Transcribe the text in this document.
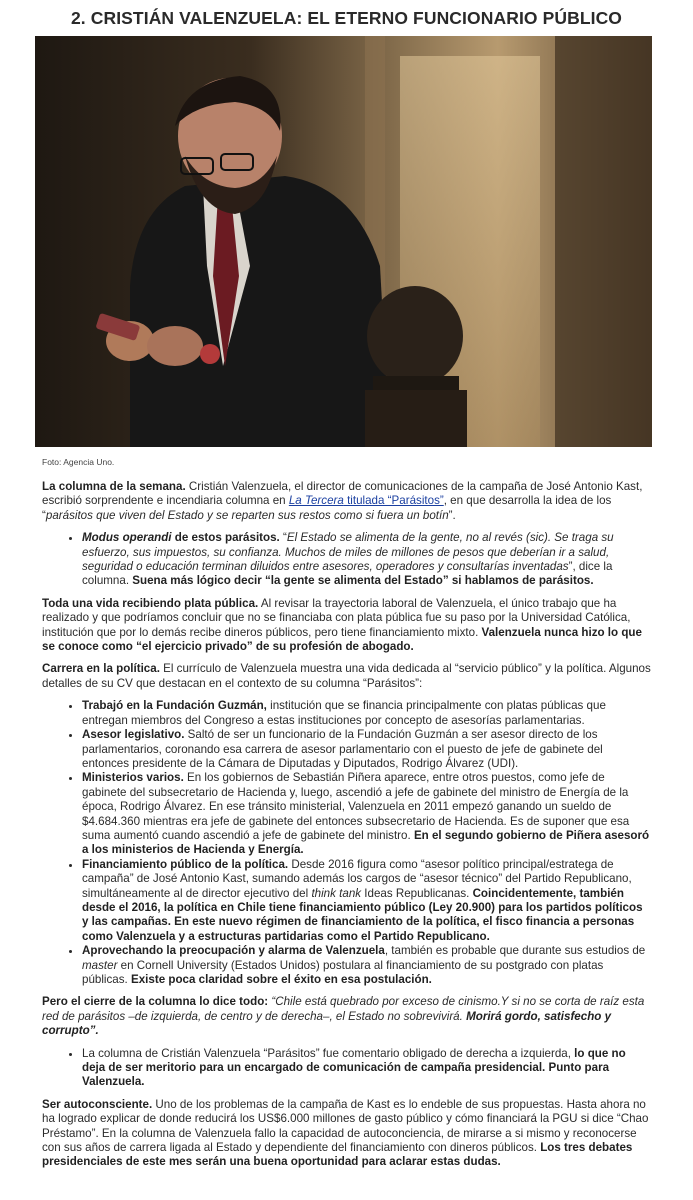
2. CRISTIÁN VALENZUELA: EL ETERNO FUNCIONARIO PÚBLICO
Foto: Agencia Uno.

La columna de la semana. Cristián Valenzuela, el director de comunicaciones de la campaña de José Antonio Kast, escribió sorprendente e incendiaria columna en La Tercera titulada “Parásitos”, en que desarrolla la idea de los “parásitos que viven del Estado y se reparten sus restos como si fuera un botín”.

• Modus operandi de estos parásitos. “El Estado se alimenta de la gente, no al revés (sic). Se traga su esfuerzo, sus impuestos, su confianza. Muchos de miles de millones de pesos que deberían ir a salud, seguridad o educación terminan diluidos entre asesores, operadores y consultarías inventadas”, dice la columna. Suena más lógico decir “la gente se alimenta del Estado” si hablamos de parásitos.

Toda una vida recibiendo plata pública. Al revisar la trayectoria laboral de Valenzuela, el único trabajo que ha realizado y que podríamos concluir que no se financiaba con plata pública fue su paso por la Universidad Católica, institución que por lo demás recibe dineros públicos, pero tiene financiamiento mixto. Valenzuela nunca hizo lo que se conoce como “el ejercicio privado” de su profesión de abogado.

Carrera en la política. El currículo de Valenzuela muestra una vida dedicada al “servicio público” y la política. Algunos detalles de su CV que destacan en el contexto de su columna “Parásitos”:

• Trabajó en la Fundación Guzmán, institución que se financia principalmente con platas públicas que entregan miembros del Congreso a estas instituciones por concepto de asesorías parlamentarias.
• Asesor legislativo. Saltó de ser un funcionario de la Fundación Guzmán a ser asesor directo de los parlamentarios, coronando esa carrera de asesor parlamentario con el puesto de jefe de gabinete del entonces presidente de la Cámara de Diputadas y Diputados, Rodrigo Álvarez (UDI).
• Ministerios varios. En los gobiernos de Sebastián Piñera aparece, entre otros puestos, como jefe de gabinete del subsecretario de Hacienda y, luego, ascendió a jefe de gabinete del ministro de Energía de la época, Rodrigo Álvarez. En ese tránsito ministerial, Valenzuela en 2011 empezó ganando un sueldo de $4.684.360 mientras era jefe de gabinete del entonces subsecretario de Hacienda. Es de suponer que esa suma aumentó cuando ascendió a jefe de gabinete del ministro. En el segundo gobierno de Piñera asesoró a los ministerios de Hacienda y Energía.
• Financiamiento público de la política. Desde 2016 figura como “asesor político principal/estratega de campaña” de José Antonio Kast, sumando además los cargos de “asesor técnico” del Partido Republicano, simultáneamente al de director ejecutivo del think tank Ideas Republicanas. Coincidentemente, también desde el 2016, la política en Chile tiene financiamiento público (Ley 20.900) para los partidos políticos y las campañas. En este nuevo régimen de financiamiento de la política, el fisco financia a personas como Valenzuela y a estructuras partidarias como el Partido Republicano.
• Aprovechando la preocupación y alarma de Valenzuela, también es probable que durante sus estudios de master en Cornell University (Estados Unidos) postulara al financiamiento de su postgrado con platas públicas. Existe poca claridad sobre el éxito en esa postulación.

Pero el cierre de la columna lo dice todo: “Chile está quebrado por exceso de cinismo.Y si no se corta de raíz esta red de parásitos –de izquierda, de centro y de derecha–, el Estado no sobrevivirá. Morirá gordo, satisfecho y corrupto”.

• La columna de Cristián Valenzuela “Parásitos” fue comentario obligado de derecha a izquierda, lo que no deja de ser meritorio para un encargado de comunicación de campaña presidencial. Punto para Valenzuela.

Ser autoconsciente. Uno de los problemas de la campaña de Kast es lo endeble de sus propuestas. Hasta ahora no ha logrado explicar de donde reducirá los US$6.000 millones de gasto público y cómo financiará la PGU si dice “Chao Préstamo”. En la columna de Valenzuela fallo la capacidad de autoconciencia, de mirarse a si mismo y reconocerse con sus años de carrera ligada al Estado y dependiente del financiamiento con dineros públicos. Los tres debates presidenciales de este mes serán una buena oportunidad para aclarar estas dudas.
